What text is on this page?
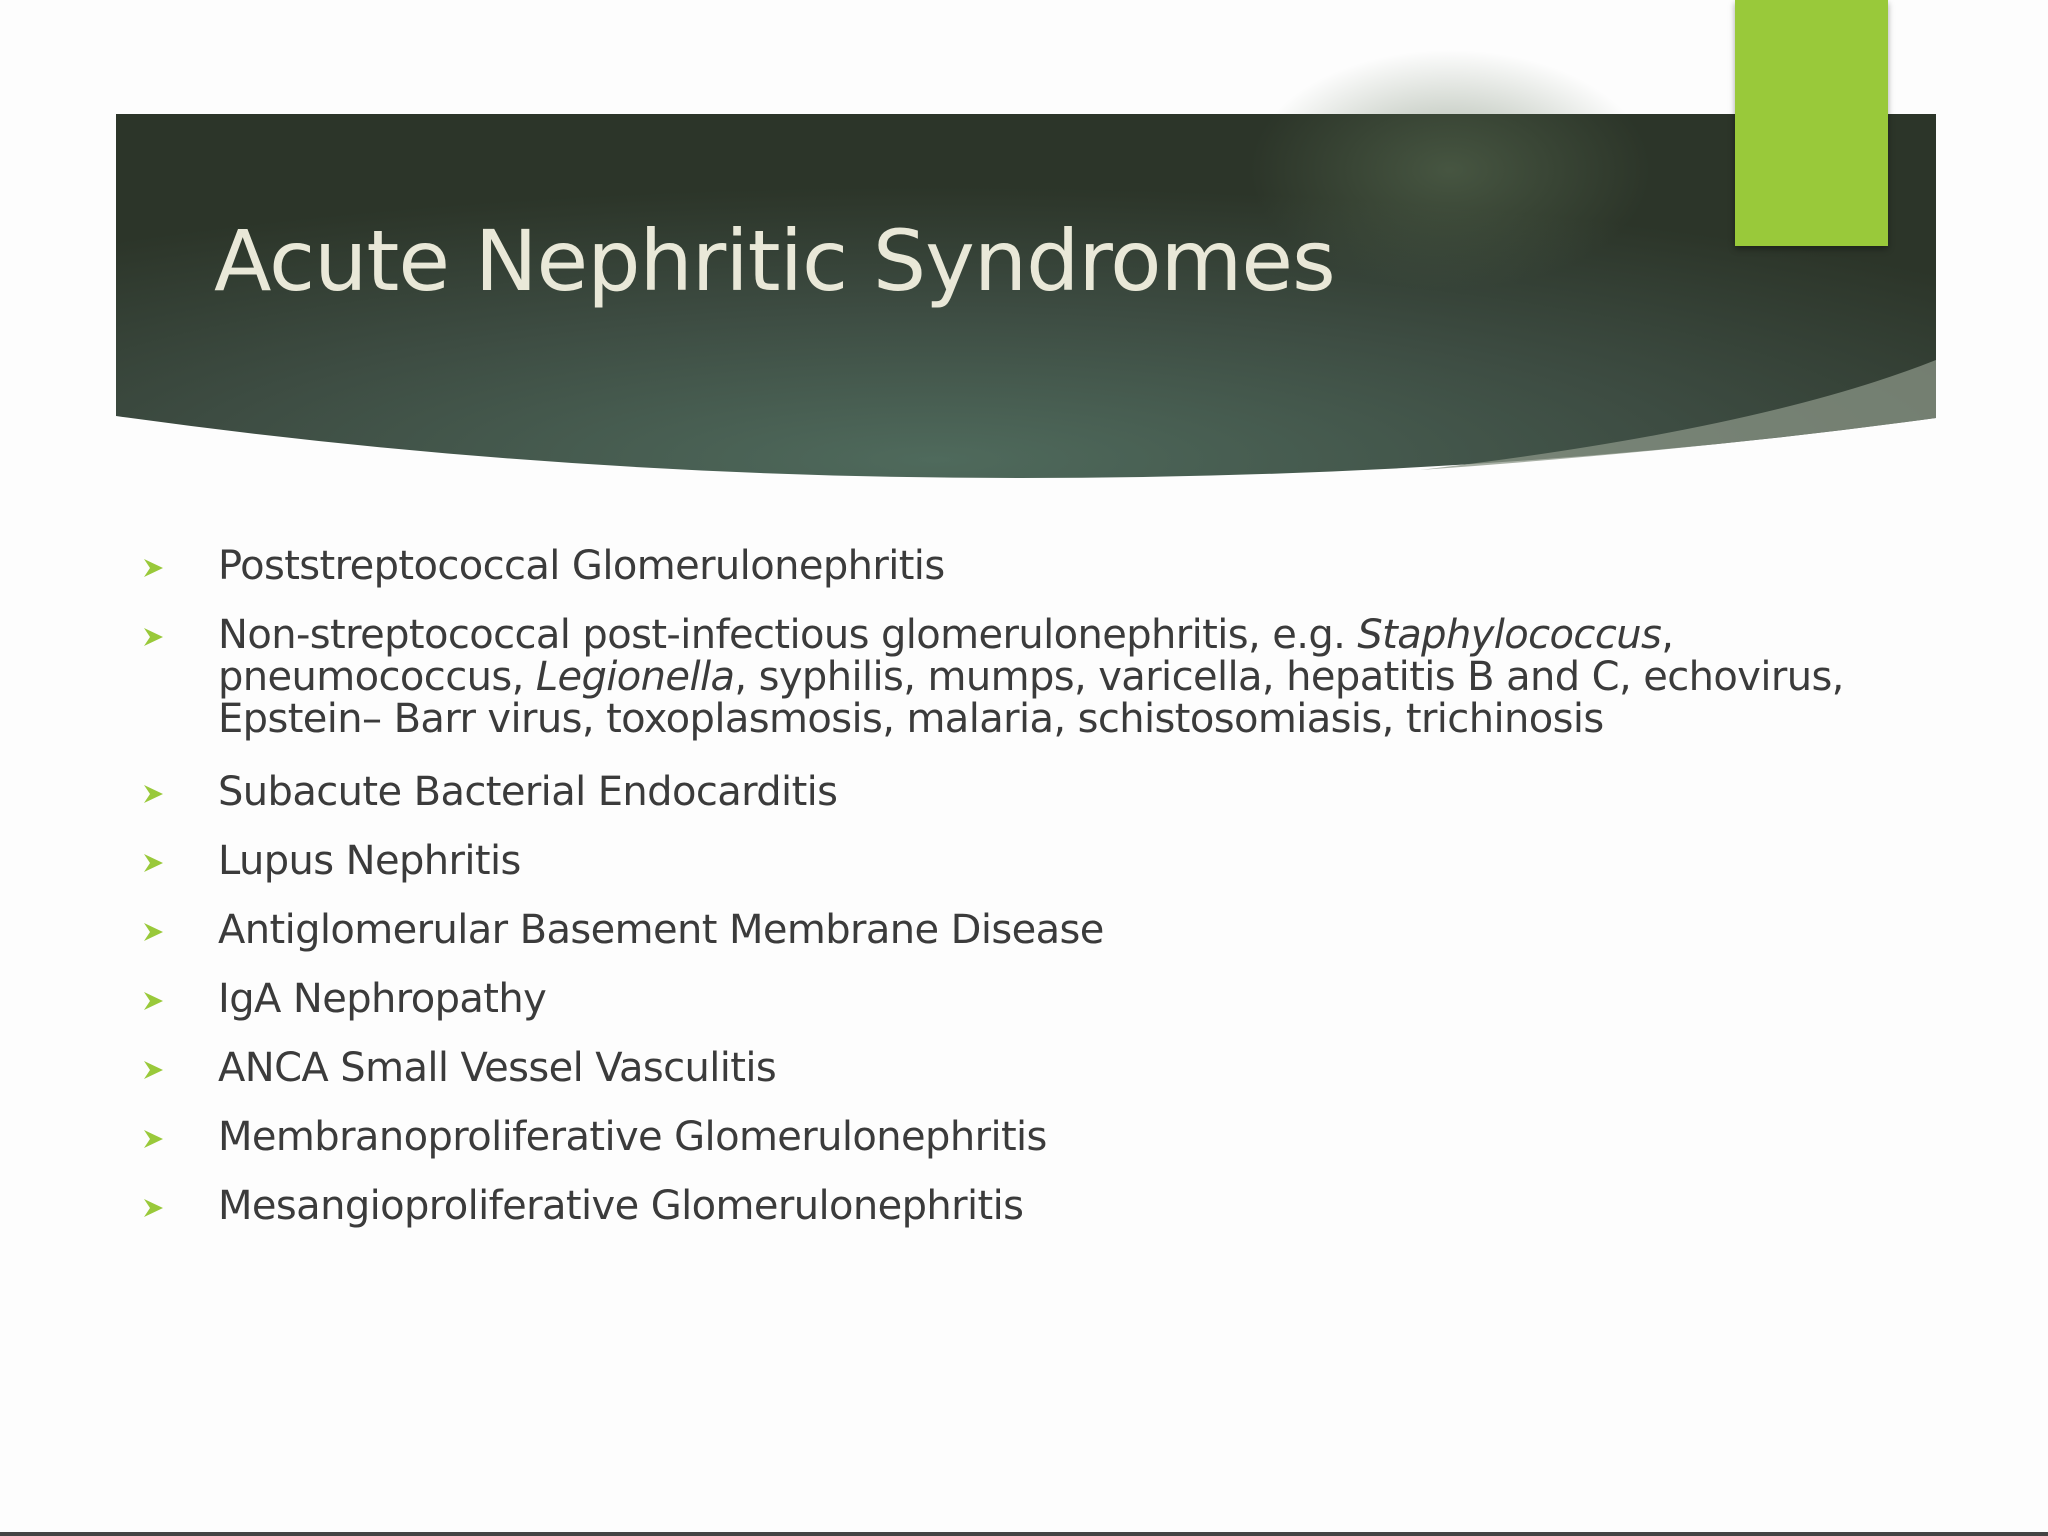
Acute Nephritic Syndromes
Poststreptococcal Glomerulonephritis
Non-streptococcal post-infectious glomerulonephritis, e.g. Staphylococcus, pneumococcus, Legionella, syphilis, mumps, varicella, hepatitis B and C, echovirus, Epstein– Barr virus, toxoplasmosis, malaria, schistosomiasis, trichinosis
Subacute Bacterial Endocarditis
Lupus Nephritis
Antiglomerular Basement Membrane Disease
IgA Nephropathy
ANCA Small Vessel Vasculitis
Membranoproliferative Glomerulonephritis
Mesangioproliferative Glomerulonephritis
